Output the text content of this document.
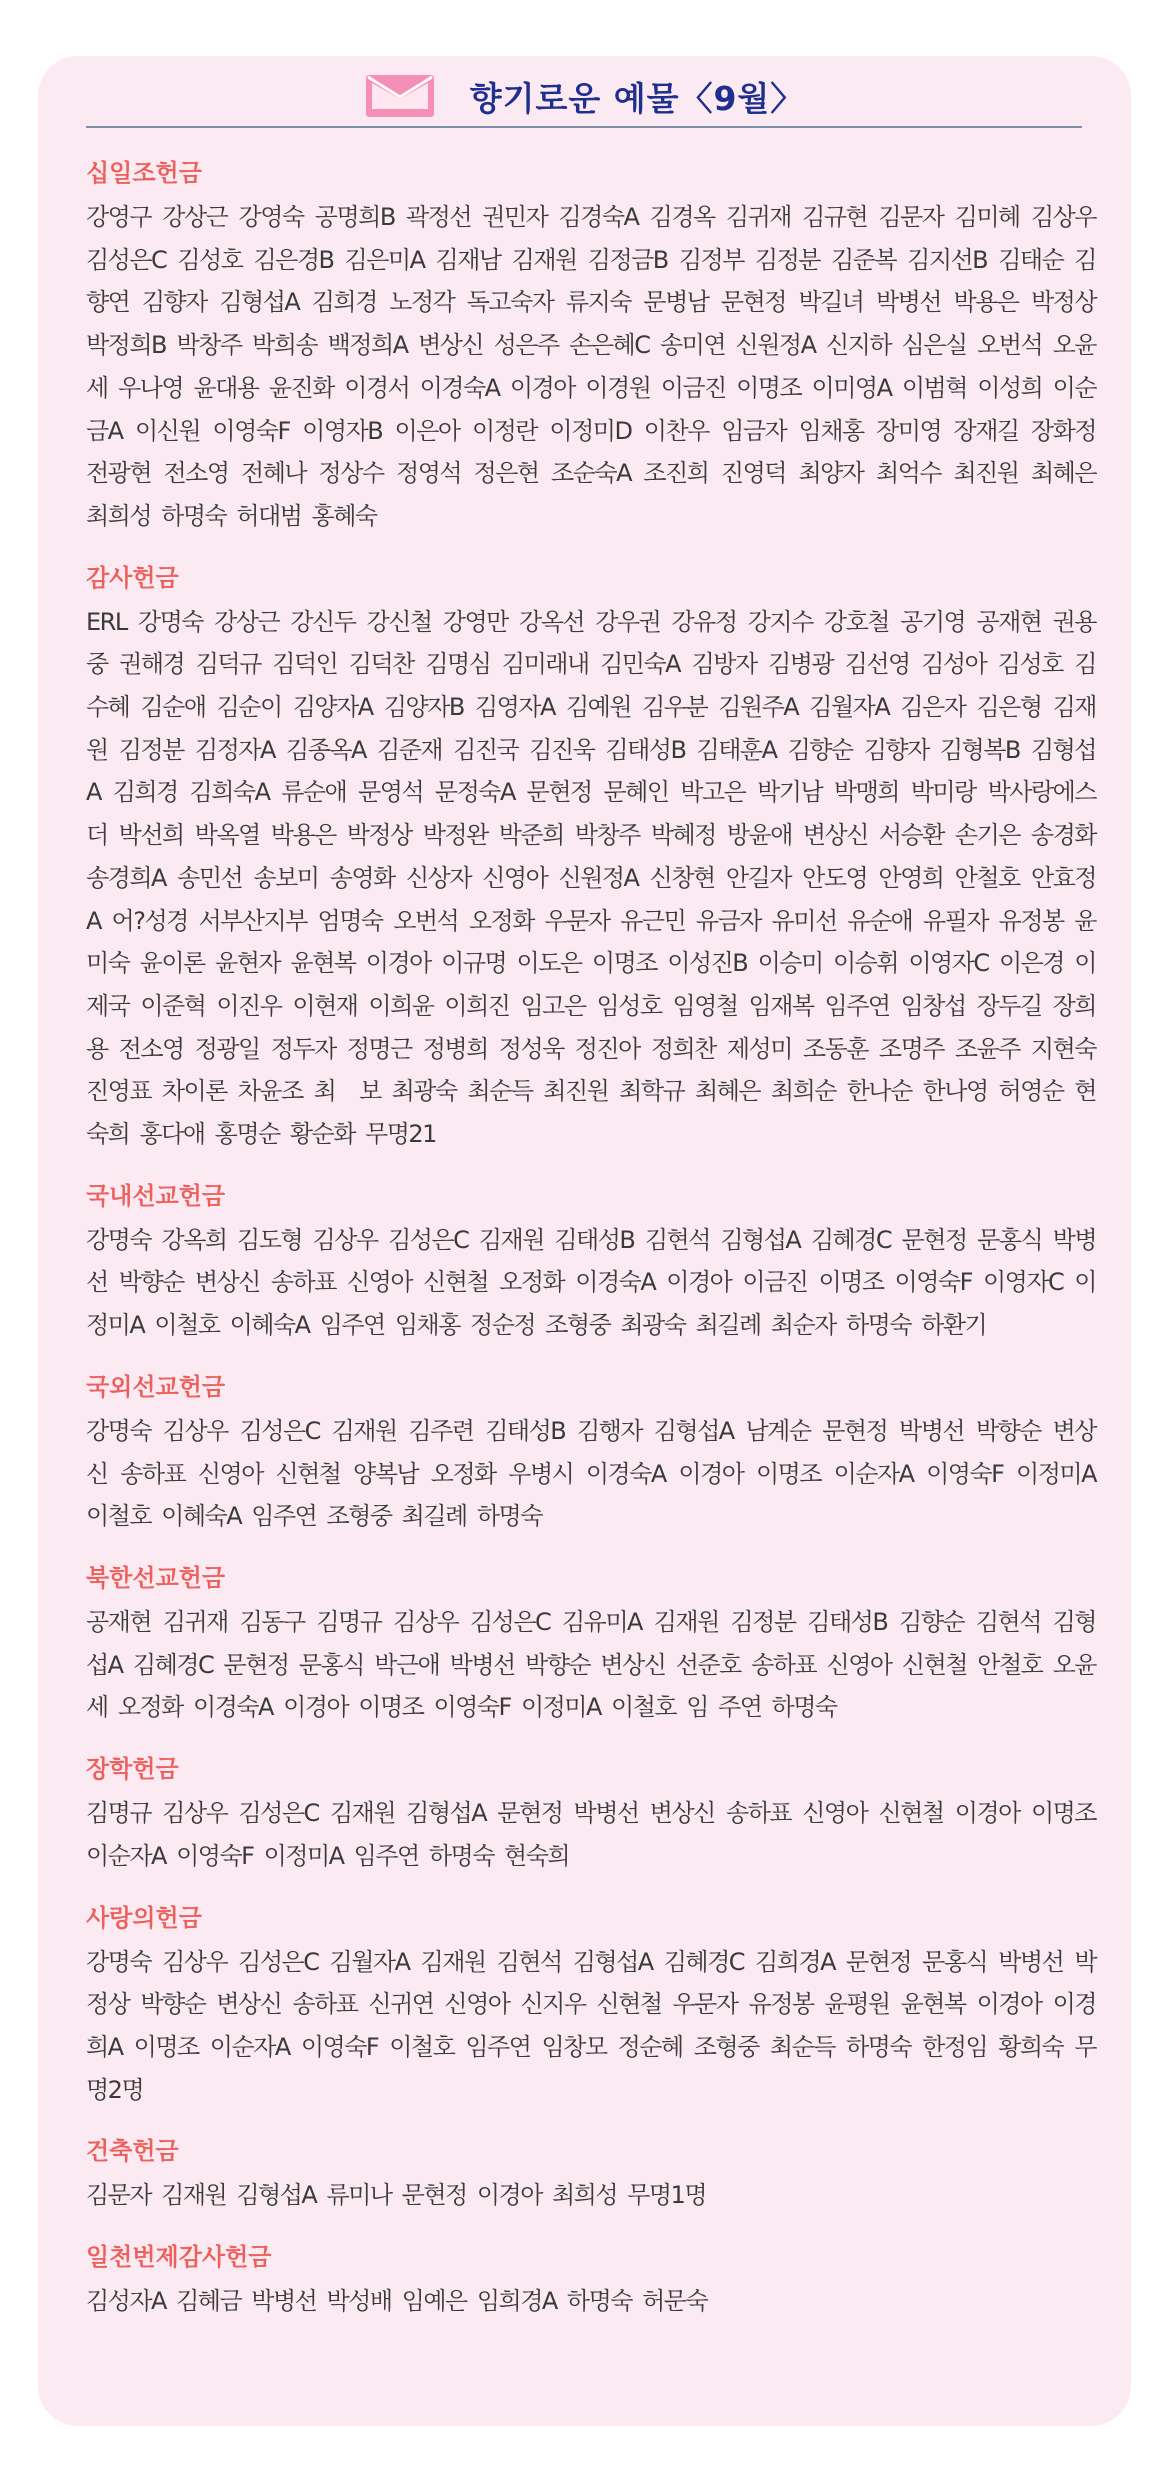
향기로운 예물〈9월〉
십일조헌금
강영구 강상근 강영숙 공명희B 곽정선 권민자 김경숙A 김경옥 김귀재 김규현 김문자 김미혜 김상우 김성은C 김성호 김은경B 김은미A 김재남 김재원 김정금B 김정부 김정분 김준복 김지선B 김태순 김향연 김향자 김형섭A 김희경 노정각 독고숙자 류지숙 문병남 문현정 박길녀 박병선 박용은 박정상 박정희B 박창주 박희송 백정희A 변상신 성은주 손은혜C 송미연 신원정A 신지하 심은실 오번석 오윤세 우나영 윤대용 윤진화 이경서 이경숙A 이경아 이경원 이금진 이명조 이미영A 이범혁 이성희 이순금A 이신원 이영숙F 이영자B 이은아 이정란 이정미D 이찬우 임금자 임채홍 장미영 장재길 장화정 전광현 전소영 전혜나 정상수 정영석 정은현 조순숙A 조진희 진영덕 최양자 최억수 최진원 최혜은 최희성 하명숙 허대범 홍혜숙
감사헌금
ERL 강명숙 강상근 강신두 강신철 강영만 강옥선 강우권 강유정 강지수 강호철 공기영 공재현 권용중 권해경 김덕규 김덕인 김덕찬 김명심 김미래내 김민숙A 김방자 김병광 김선영 김성아 김성호 김수혜 김순애 김순이 김양자A 김양자B 김영자A 김예원 김우분 김원주A 김월자A 김은자 김은형 김재원 김정분 김정자A 김종옥A 김준재 김진국 김진욱 김태성B 김태훈A 김향순 김향자 김형복B 김형섭A 김희경 김희숙A 류순애 문영석 문정숙A 문현정 문혜인 박고은 박기남 박맹희 박미랑 박사랑에스더 박선희 박옥열 박용은 박정상 박정완 박준희 박창주 박혜정 방윤애 변상신 서승환 손기은 송경화 송경희A 송민선 송보미 송영화 신상자 신영아 신원정A 신창현 안길자 안도영 안영희 안철호 안효정A 어?성경 서부산지부 엄명숙 오번석 오정화 우문자 유근민 유금자 유미선 유순애 유필자 유정봉 윤미숙 윤이론 윤현자 윤현복 이경아 이규명 이도은 이명조 이성진B 이승미 이승휘 이영자C 이은경 이제국 이준혁 이진우 이현재 이희윤 이희진 임고은 임성호 임영철 임재복 임주연 임창섭 장두길 장희용 전소영 정광일 정두자 정명근 정병희 정성욱 정진아 정희찬 제성미 조동훈 조명주 조윤주 지현숙 진영표 차이론 차윤조 최　보 최광숙 최순득 최진원 최학규 최혜은 최희순 한나순 한나영 허영순 현숙희 홍다애 홍명순 황순화 무명21
국내선교헌금
강명숙 강옥희 김도형 김상우 김성은C 김재원 김태성B 김현석 김형섭A 김혜경C 문현정 문홍식 박병선 박향순 변상신 송하표 신영아 신현철 오정화 이경숙A 이경아 이금진 이명조 이영숙F 이영자C 이정미A 이철호 이혜숙A 임주연 임채홍 정순정 조형중 최광숙 최길례 최순자 하명숙 하환기
국외선교헌금
강명숙 김상우 김성은C 김재원 김주련 김태성B 김행자 김형섭A 남계순 문현정 박병선 박향순 변상신 송하표 신영아 신현철 양복남 오정화 우병시 이경숙A 이경아 이명조 이순자A 이영숙F 이정미A 이철호 이혜숙A 임주연 조형중 최길례 하명숙
북한선교헌금
공재현 김귀재 김동구 김명규 김상우 김성은C 김유미A 김재원 김정분 김태성B 김향순 김현석 김형섭A 김혜경C 문현정 문홍식 박근애 박병선 박향순 변상신 선준호 송하표 신영아 신현철 안철호 오윤세 오정화 이경숙A 이경아 이명조 이영숙F 이정미A 이철호 임 주연 하명숙
장학헌금
김명규 김상우 김성은C 김재원 김형섭A 문현정 박병선 변상신 송하표 신영아 신현철 이경아 이명조 이순자A 이영숙F 이정미A 임주연 하명숙 현숙희
사랑의헌금
강명숙 김상우 김성은C 김월자A 김재원 김현석 김형섭A 김혜경C 김희경A 문현정 문홍식 박병선 박정상 박향순 변상신 송하표 신귀연 신영아 신지우 신현철 우문자 유정봉 윤평원 윤현복 이경아 이경희A 이명조 이순자A 이영숙F 이철호 임주연 임창모 정순혜 조형중 최순득 하명숙 한정임 황희숙 무명2명
건축헌금
김문자 김재원 김형섭A 류미나 문현정 이경아 최희성 무명1명
일천번제감사헌금
김성자A 김혜금 박병선 박성배 임예은 임희경A 하명숙 허문숙
